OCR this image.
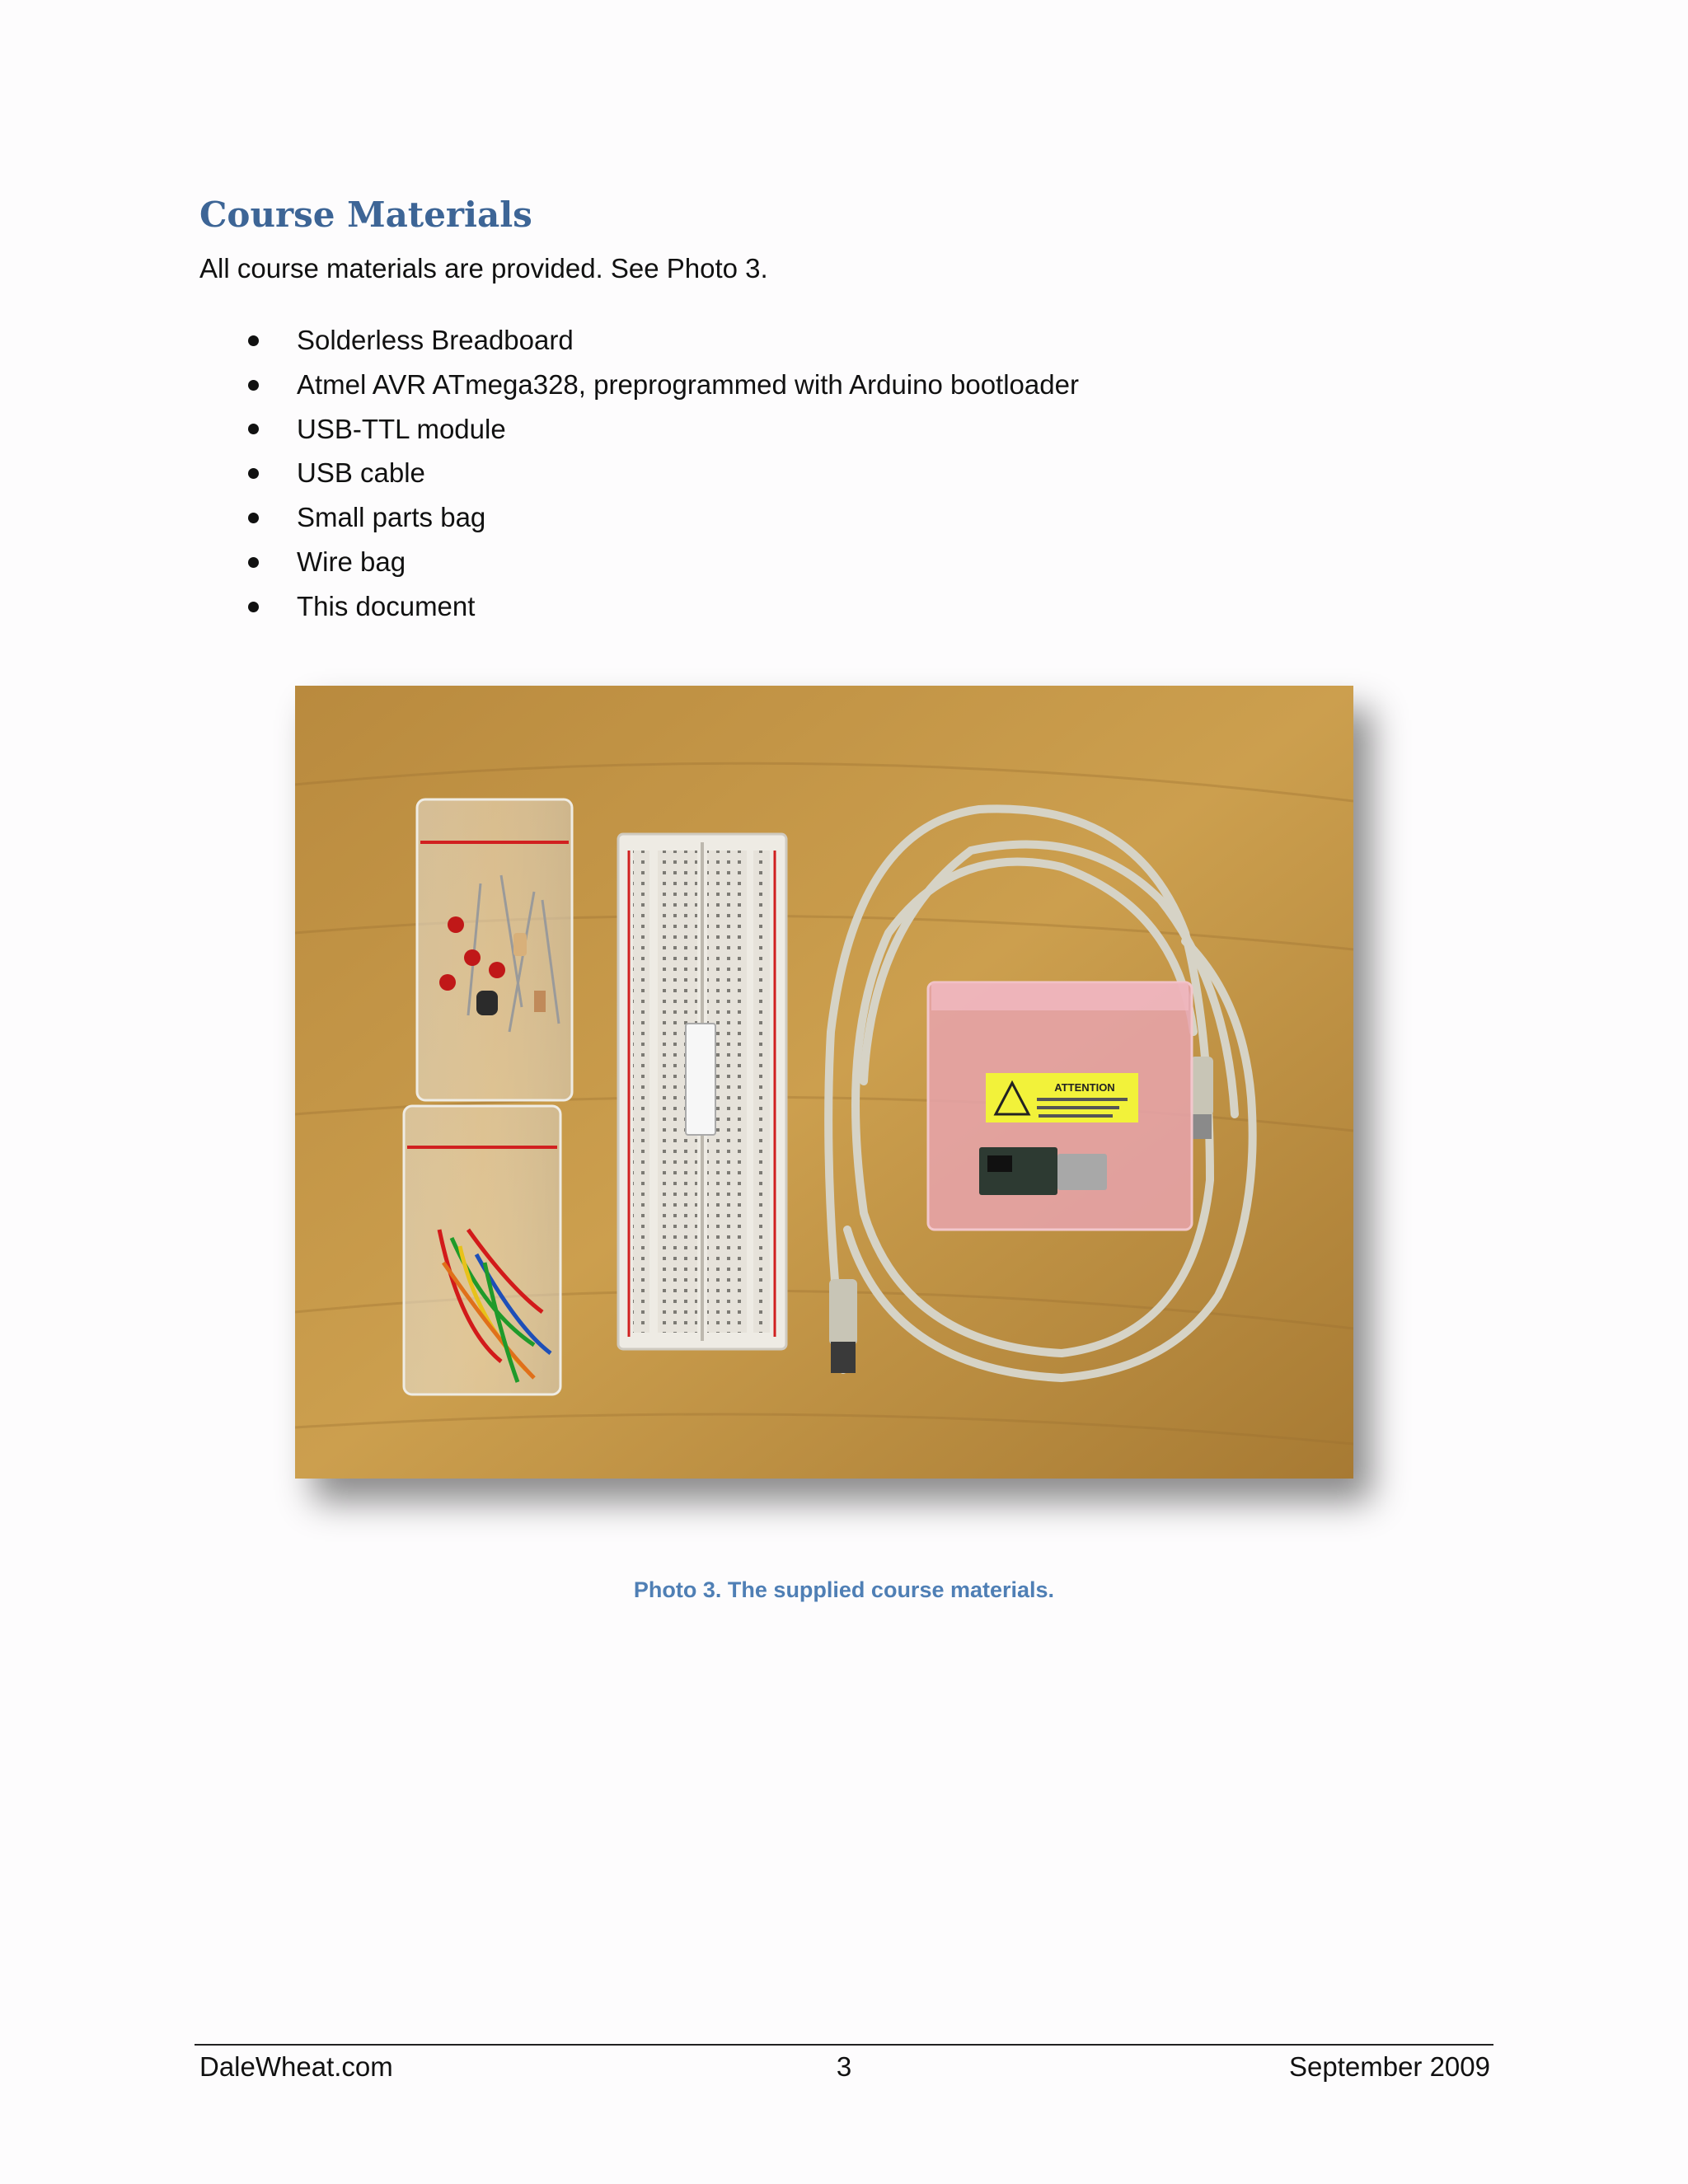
Course Materials

All course materials are provided. See Photo 3.

Solderless Breadboard
Atmel AVR ATmega328, preprogrammed with Arduino bootloader
USB-TTL module
USB cable
Small parts bag
Wire bag
This document
ATTENTION

Photo 3. The supplied course materials.

DaleWheat.com	3	September 2009
